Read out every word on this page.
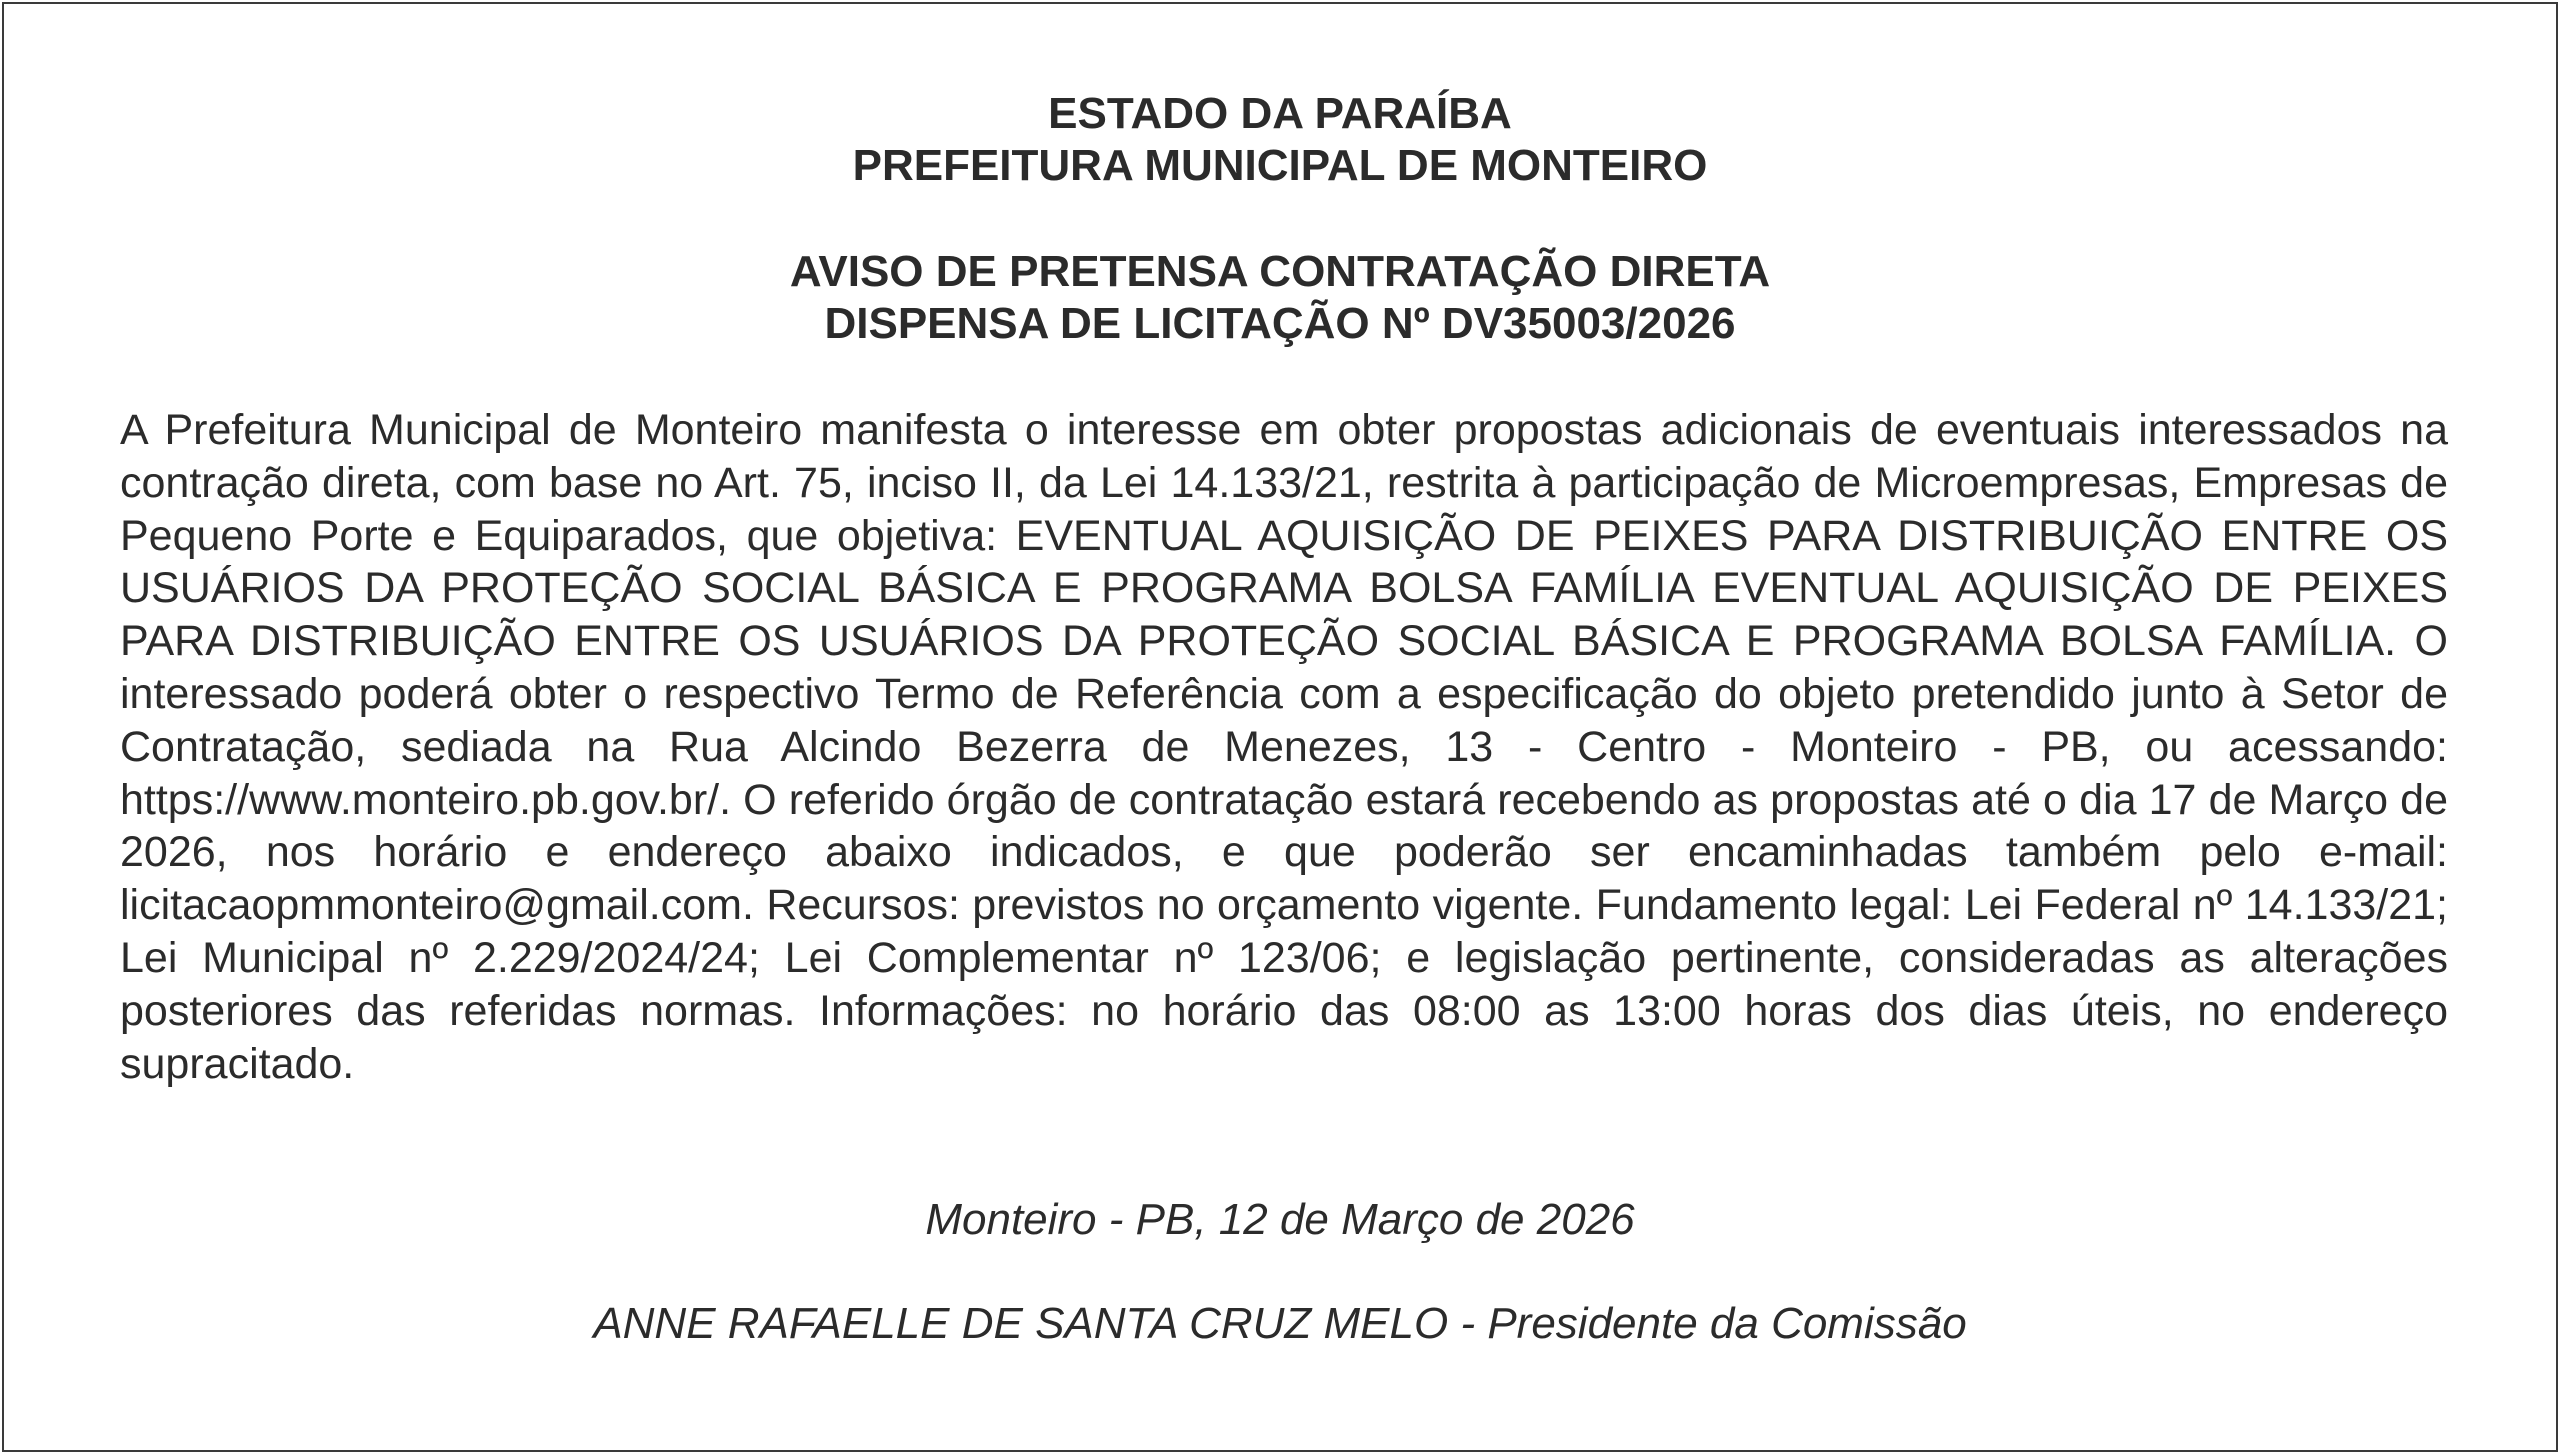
ESTADO DA PARAÍBA
PREFEITURA MUNICIPAL DE MONTEIRO
AVISO DE PRETENSA CONTRATAÇÃO DIRETA
DISPENSA DE LICITAÇÃO Nº DV35003/2026

A Prefeitura Municipal de Monteiro manifesta o interesse em obter propostas adicionais de eventuais interessados na contração direta, com base no Art. 75, inciso II, da Lei 14.133/21, restrita à participação de Microempresas, Empresas de Pequeno Porte e Equiparados, que objetiva: EVENTUAL AQUISIÇÃO DE PEIXES PARA DISTRIBUIÇÃO ENTRE OS USUÁRIOS DA PROTEÇÃO SOCIAL BÁSICA E PROGRAMA BOLSA FAMÍLIA EVENTUAL AQUISIÇÃO DE PEIXES PARA DISTRIBUIÇÃO ENTRE OS USUÁRIOS DA PROTEÇÃO SOCIAL BÁSICA E PROGRAMA BOLSA FAMÍLIA. O interessado poderá obter o respectivo Termo de Referência com a especificação do objeto pretendido junto à Setor de Contratação, sediada na Rua Alcindo Bezerra de Menezes, 13 - Centro - Monteiro - PB, ou acessando: https://www.monteiro.pb.gov.br/. O referido órgão de contratação estará recebendo as propostas até o dia 17 de Março de 2026, nos horário e endereço abaixo indicados, e que poderão ser encaminhadas também pelo e-mail: licitacaopmmonteiro@gmail.com. Recursos: previstos no orçamento vigente. Fundamento legal: Lei Federal nº 14.133/21; Lei Municipal nº 2.229/2024/24; Lei Complementar nº 123/06; e legislação pertinente, consideradas as alterações posteriores das referidas normas. Informações: no horário das 08:00 as 13:00 horas dos dias úteis, no endereço supracitado.

Monteiro - PB, 12 de Março de 2026
ANNE RAFAELLE DE SANTA CRUZ MELO - Presidente da Comissão
